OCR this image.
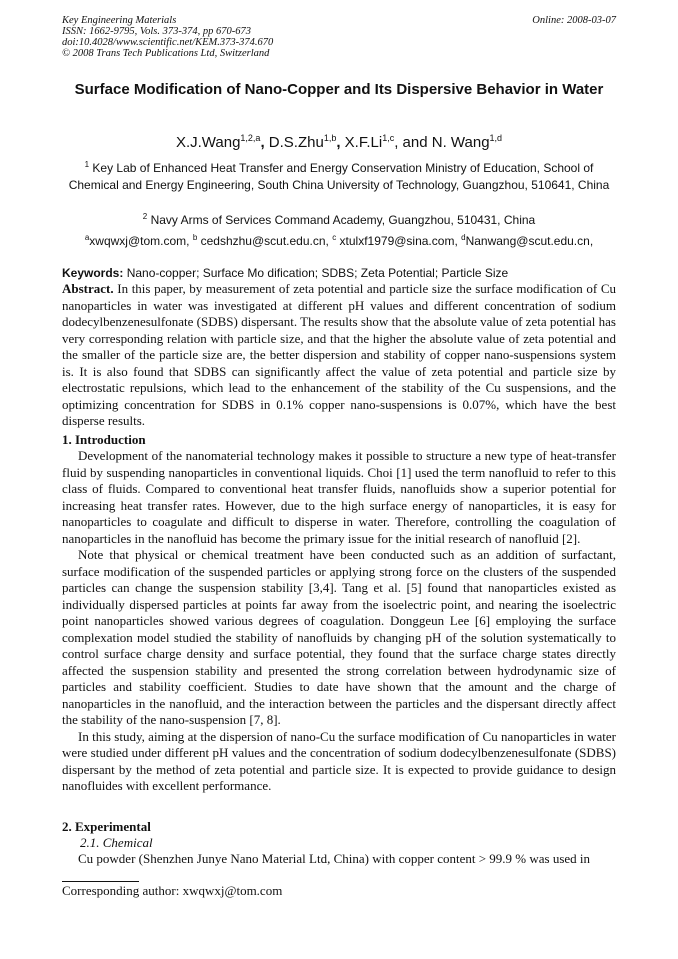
Key Engineering Materials
ISSN: 1662-9795, Vols. 373-374, pp 670-673
doi:10.4028/www.scientific.net/KEM.373-374.670
© 2008 Trans Tech Publications Ltd, Switzerland
Online: 2008-03-07
Surface Modification of Nano-Copper and Its Dispersive Behavior in Water
X.J.Wang$^{1,2,a}$, D.S.Zhu$^{1,b}$, X.F.Li$^{1,c}$, and N. Wang$^{1,d}$
$^1$ Key Lab of Enhanced Heat Transfer and Energy Conservation Ministry of Education, School of Chemical and Energy Engineering, South China University of Technology, Guangzhou, 510641, China
$^2$ Navy Arms of Services Command Academy, Guangzhou, 510431, China
$^a$xwqwxj@tom.com, $^b$ cedshzhu@scut.edu.cn, $^c$ xtulxf1979@sina.com, $^d$Nanwang@scut.edu.cn,
Keywords: Nano-copper; Surface Mo dification; SDBS; Zeta Potential; Particle Size
Abstract. In this paper, by measurement of zeta potential and particle size the surface modification of Cu nanoparticles in water was investigated at different pH values and different concentration of sodium dodecylbenzenesulfonate (SDBS) dispersant. The results show that the absolute value of zeta potential has very corresponding relation with particle size, and that the higher the absolute value of zeta potential and the smaller of the particle size are, the better dispersion and stability of copper nano-suspensions system is. It is also found that SDBS can significantly affect the value of zeta potential and particle size by electrostatic repulsions, which lead to the enhancement of the stability of the Cu suspensions, and the optimizing concentration for SDBS in 0.1% copper nano-suspensions is 0.07%, which have the best disperse results.
1. Introduction

Development of the nanomaterial technology makes it possible to structure a new type of heat-transfer fluid by suspending nanoparticles in conventional liquids. Choi [1] used the term nanofluid to refer to this class of fluids. Compared to conventional heat transfer fluids, nanofluids show a superior potential for increasing heat transfer rates. However, due to the high surface energy of nanoparticles, it is easy for nanoparticles to coagulate and difficult to disperse in water. Therefore, controlling the coagulation of nanoparticles in the nanofluid has become the primary issue for the initial research of nanofluid [2].

Note that physical or chemical treatment have been conducted such as an addition of surfactant, surface modification of the suspended particles or applying strong force on the clusters of the suspended particles can change the suspension stability [3,4]. Tang et al. [5] found that nanoparticles existed as individually dispersed particles at points far away from the isoelectric point, and nearing the isoelectric point nanoparticles showed various degrees of coagulation. Donggeun Lee [6] employing the surface complexation model studied the stability of nanofluids by changing pH of the solution systematically to control surface charge density and surface potential, they found that the surface charge states directly affected the suspension stability and presented the strong correlation between hydrodynamic size of particles and stability coefficient. Studies to date have shown that the amount and the charge of nanoparticles in the nanofluid, and the interaction between the particles and the dispersant directly affect the stability of the nano-suspension [7, 8].

In this study, aiming at the dispersion of nano-Cu the surface modification of Cu nanoparticles in water were studied under different pH values and the concentration of sodium dodecylbenzenesulfonate (SDBS) dispersant by the method of zeta potential and particle size. It is expected to provide guidance to design nanofluides with excellent performance.

2. Experimental
2.1. Chemical
Cu powder (Shenzhen Junye Nano Material Ltd, China) with copper content > 99.9 % was used in
Corresponding author: xwqwxj@tom.com
